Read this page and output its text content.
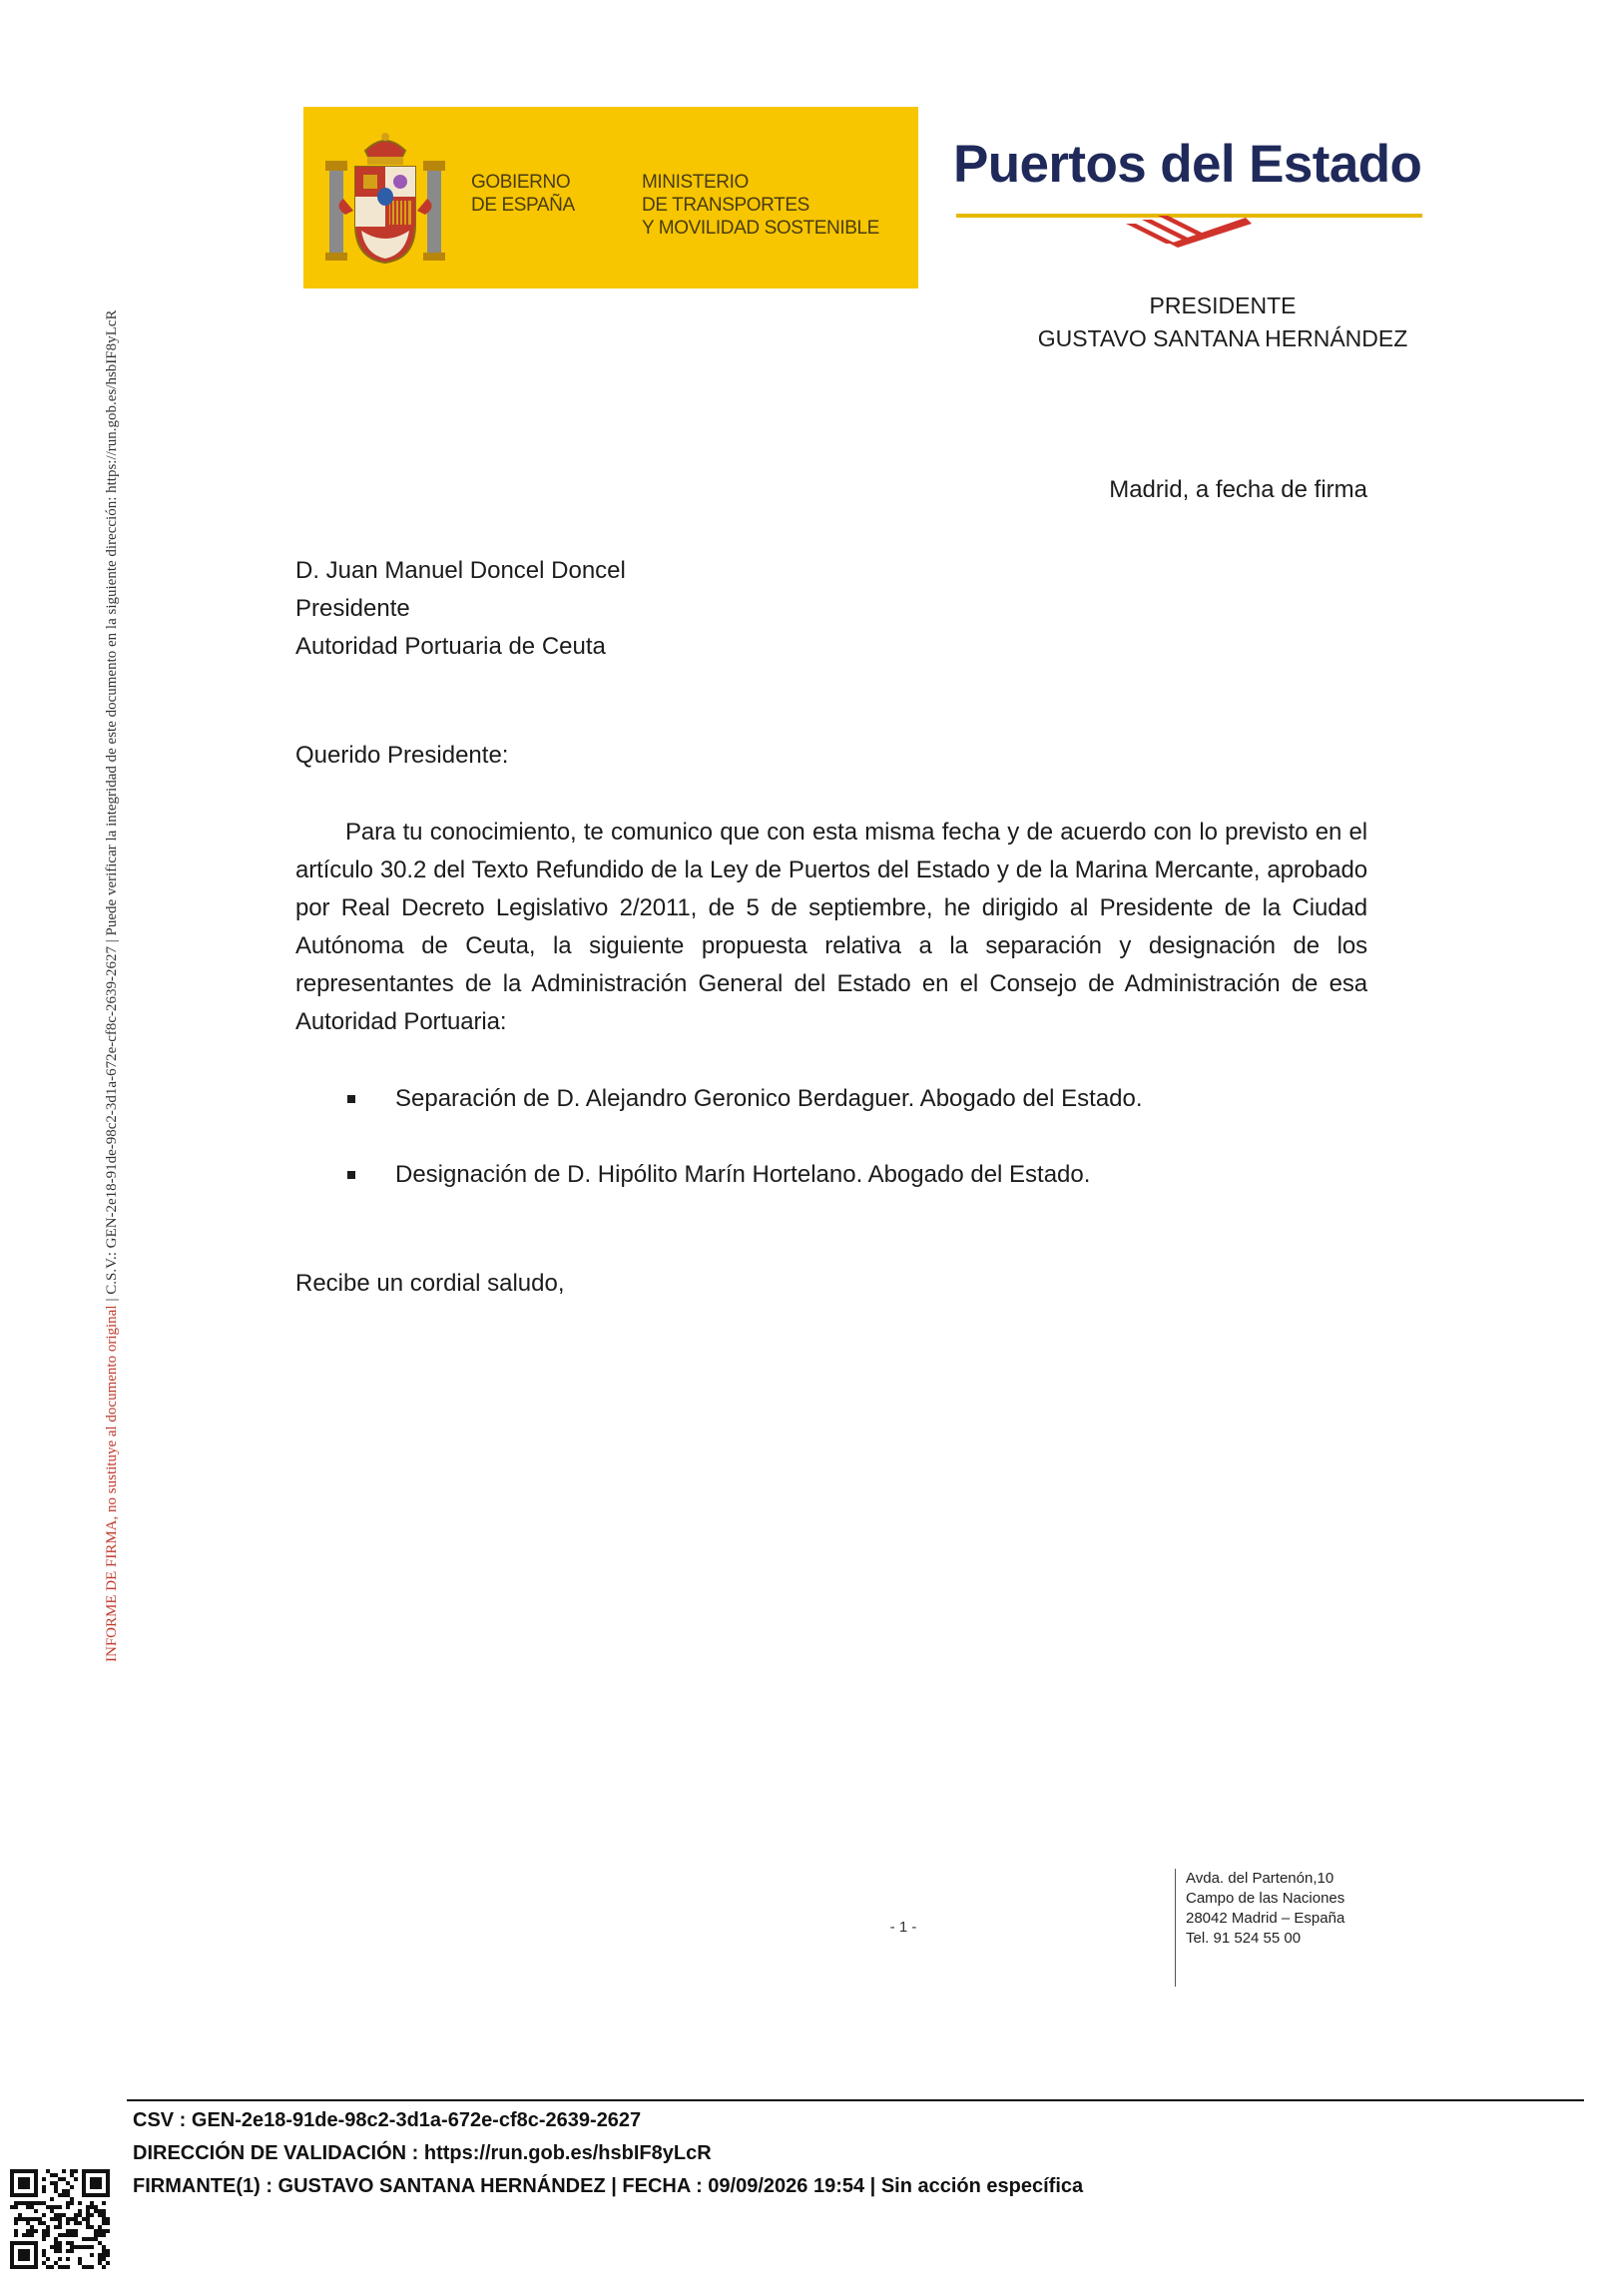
INFORME DE FIRMA, no sustituye al documento original
| C.S.V.: GEN-2e18-91de-98c2-3d1a-672e-cf8c-2639-2627 | Puede verificar la integridad de este documento en la siguiente dirección: https://run.gob.es/hsbIF8yLcR
GOBIERNO
DE ESPAÑA
MINISTERIO
DE TRANSPORTES
Y MOVILIDAD SOSTENIBLE
Puertos del Estado
PRESIDENTE
GUSTAVO SANTANA HERNÁNDEZ
Madrid, a fecha de firma
D. Juan Manuel Doncel Doncel
Presidente
Autoridad Portuaria de Ceuta
Querido Presidente:
Para tu conocimiento, te comunico que con esta misma fecha y de acuerdo con lo previsto en el artículo 30.2 del Texto Refundido de la Ley de Puertos del Estado y de la Marina Mercante, aprobado por Real Decreto Legislativo 2/2011, de 5 de septiembre, he dirigido al Presidente de la Ciudad Autónoma de Ceuta, la siguiente propuesta relativa a la separación y designación de los representantes de la Administración General del Estado en el Consejo de Administración de esa Autoridad Portuaria:
Separación de D. Alejandro Geronico Berdaguer. Abogado del Estado.
Designación de D. Hipólito Marín Hortelano. Abogado del Estado.
Recibe un cordial saludo,
- 1 -
Avda. del Partenón,10
Campo de las Naciones
28042 Madrid – España
Tel. 91 524 55 00
CSV : GEN-2e18-91de-98c2-3d1a-672e-cf8c-2639-2627
DIRECCIÓN DE VALIDACIÓN : https://run.gob.es/hsbIF8yLcR
FIRMANTE(1) : GUSTAVO SANTANA HERNÁNDEZ | FECHA : 09/09/2026 19:54 | Sin acción específica
